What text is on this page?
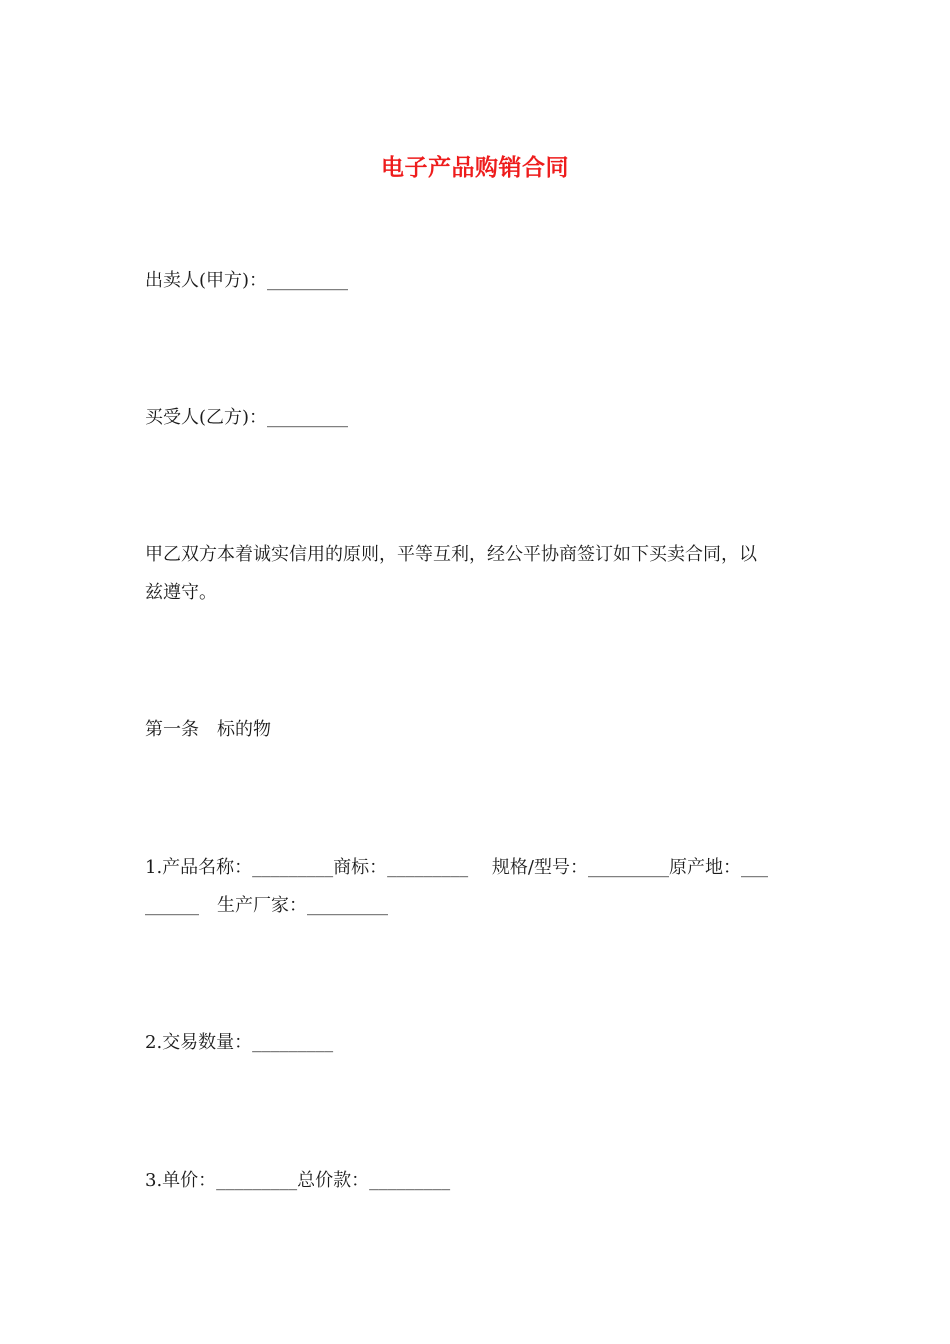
电子产品购销合同
出卖人(甲方)：_________
买受人(乙方)：_________

甲乙双方本着诚实信用的原则，平等互利，经公平协商签订如下买卖合同，以

兹遵守。

第一条　标的物

1.产品名称：_________商标：_________　 规格/型号：_________原产地：___

______　生产厂家：_________

2.交易数量：_________
3.单价：_________总价款：_________
